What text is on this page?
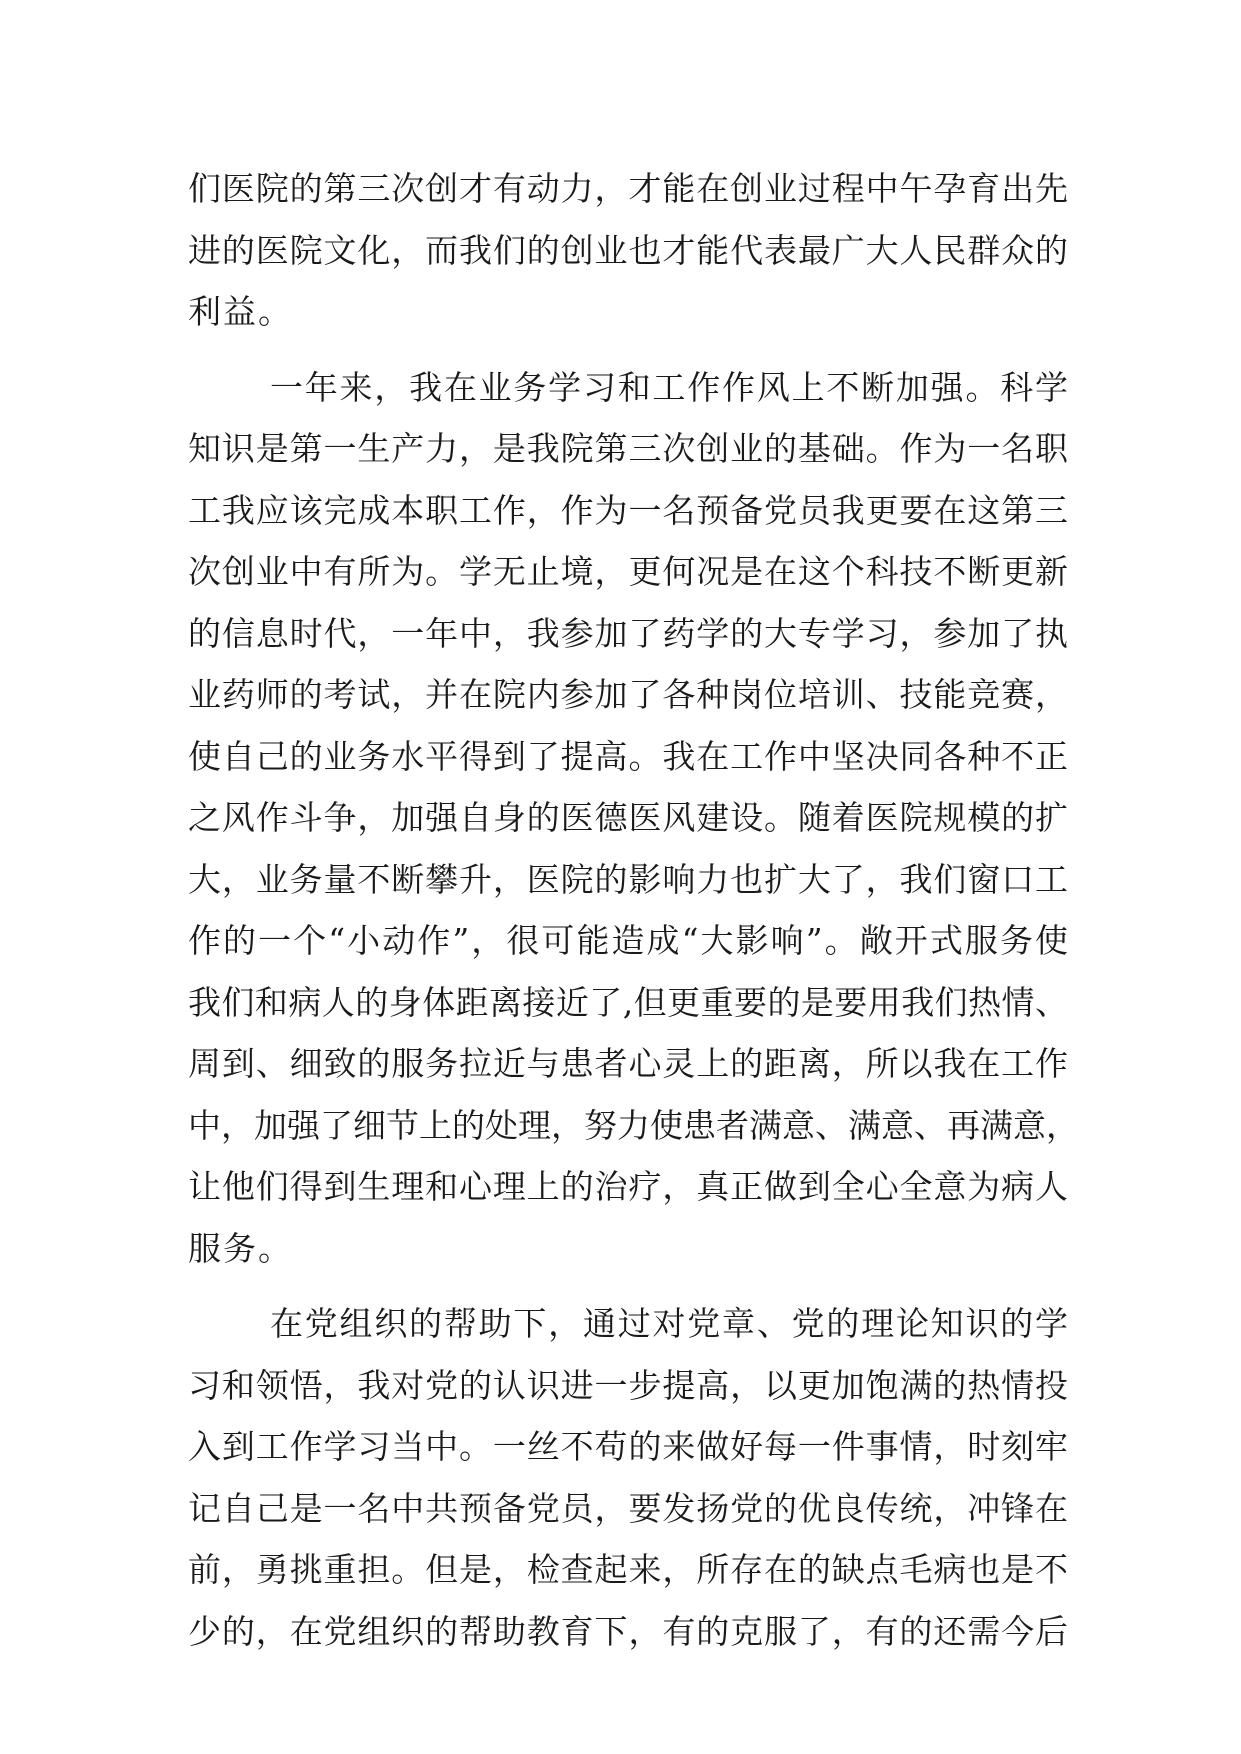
们医院的第三次创才有动力，才能在创业过程中午孕育出先
进的医院文化，而我们的创业也才能代表最广大人民群众的
利益。
一年来，我在业务学习和工作作风上不断加强。科学
知识是第一生产力，是我院第三次创业的基础。作为一名职
工我应该完成本职工作，作为一名预备党员我更要在这第三
次创业中有所为。学无止境，更何况是在这个科技不断更新
的信息时代，一年中，我参加了药学的大专学习，参加了执
业药师的考试，并在院内参加了各种岗位培训、技能竞赛，
使自己的业务水平得到了提高。我在工作中坚决同各种不正
之风作斗争，加强自身的医德医风建设。随着医院规模的扩
大，业务量不断攀升，医院的影响力也扩大了，我们窗口工
作的一个“小动作”，很可能造成“大影响”。敞开式服务使
我们和病人的身体距离接近了,但更重要的是要用我们热情、
周到、细致的服务拉近与患者心灵上的距离，所以我在工作
中，加强了细节上的处理，努力使患者满意、满意、再满意，
让他们得到生理和心理上的治疗，真正做到全心全意为病人
服务。
在党组织的帮助下，通过对党章、党的理论知识的学
习和领悟，我对党的认识进一步提高，以更加饱满的热情投
入到工作学习当中。一丝不苟的来做好每一件事情，时刻牢
记自己是一名中共预备党员，要发扬党的优良传统，冲锋在
前，勇挑重担。但是，检查起来，所存在的缺点毛病也是不
少的，在党组织的帮助教育下，有的克服了，有的还需今后
